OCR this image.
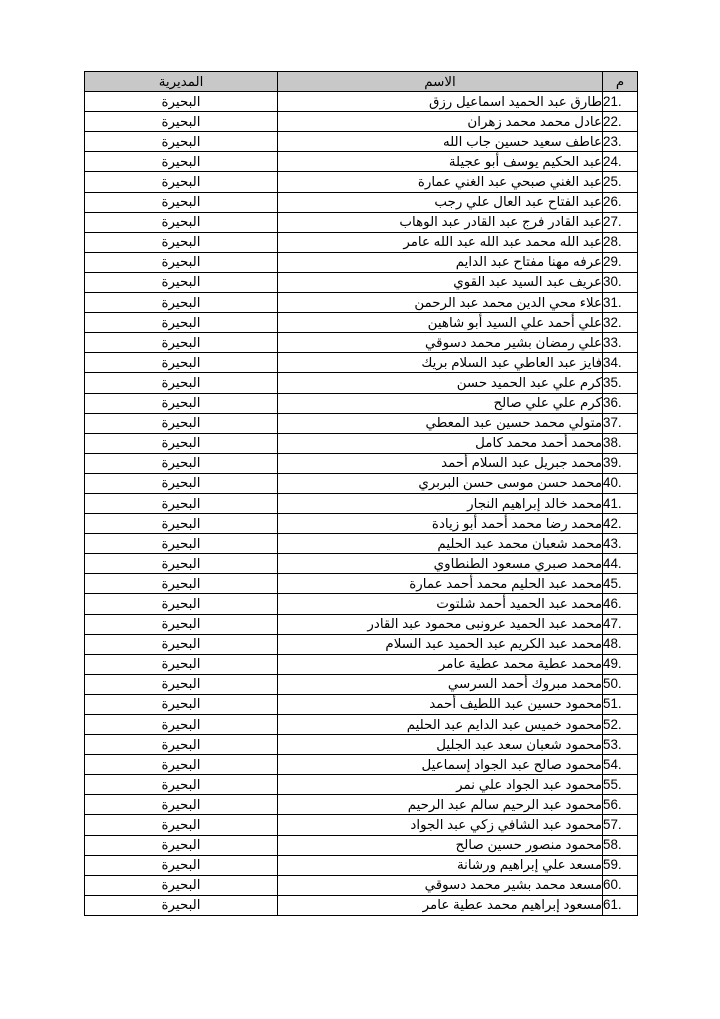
المديرية	الاسم	م
البحيرة	طارق عبد الحميد اسماعيل رزق	21.
البحيرة	عادل محمد محمد زهران	22.
البحيرة	عاطف سعيد حسين جاب الله	23.
البحيرة	عبد الحكيم يوسف أبو عجيلة	24.
البحيرة	عبد الغني صبحي عبد الغني عمارة	25.
البحيرة	عبد الفتاح عبد العال علي رجب	26.
البحيرة	عبد القادر فرج عبد القادر عبد الوهاب	27.
البحيرة	عبد الله محمد عبد الله عبد الله عامر	28.
البحيرة	عرفه مهنا مفتاح عبد الدايم	29.
البحيرة	عريف عبد السيد عبد القوي	30.
البحيرة	علاء محي الدين محمد عبد الرحمن	31.
البحيرة	علي أحمد علي السيد أبو شاهين	32.
البحيرة	علي رمضان بشير محمد دسوقي	33.
البحيرة	فايز عبد العاطي عبد السلام بريك	34.
البحيرة	كرم علي عبد الحميد حسن	35.
البحيرة	كرم علي علي صالح	36.
البحيرة	متولي محمد حسين عبد المعطي	37.
البحيرة	محمد أحمد محمد كامل	38.
البحيرة	محمد جبريل عبد السلام أحمد	39.
البحيرة	محمد حسن موسى حسن البربري	40.
البحيرة	محمد خالد إبراهيم النجار	41.
البحيرة	محمد رضا محمد أحمد أبو زيادة	42.
البحيرة	محمد شعبان محمد عبد الحليم	43.
البحيرة	محمد صبري مسعود الطنطاوي	44.
البحيرة	محمد عبد الحليم محمد أحمد عمارة	45.
البحيرة	محمد عبد الحميد أحمد شلتوت	46.
البحيرة	محمد عبد الحميد عرونبى محمود عبد القادر	47.
البحيرة	محمد عبد الكريم عبد الحميد عبد السلام	48.
البحيرة	محمد عطية محمد عطية عامر	49.
البحيرة	محمد مبروك أحمد السرسي	50.
البحيرة	محمود حسين عبد اللطيف أحمد	51.
البحيرة	محمود خميس عبد الدايم عبد الحليم	52.
البحيرة	محمود شعبان سعد عبد الجليل	53.
البحيرة	محمود صالح عبد الجواد إسماعيل	54.
البحيرة	محمود عبد الجواد علي نمر	55.
البحيرة	محمود عبد الرحيم سالم عبد الرحيم	56.
البحيرة	محمود عبد الشافي زكي عبد الجواد	57.
البحيرة	محمود منصور حسين صالح	58.
البحيرة	مسعد علي إبراهيم ورشانة	59.
البحيرة	مسعد محمد بشير محمد دسوقي	60.
البحيرة	مسعود إبراهيم محمد عطية عامر	61.
